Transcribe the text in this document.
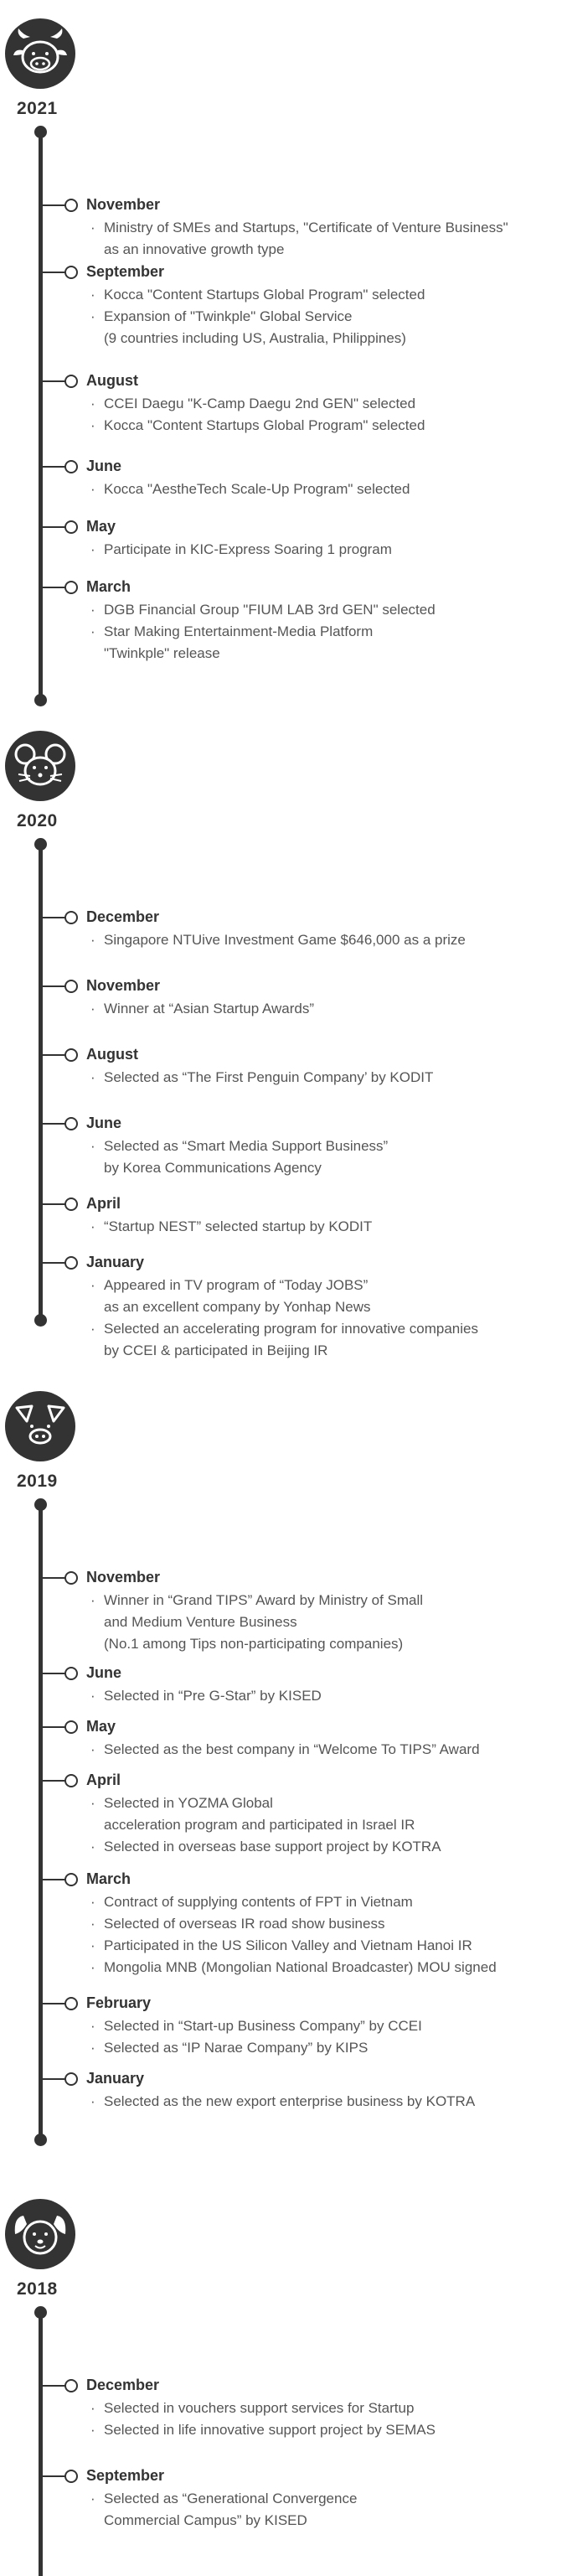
2021
November
· Ministry of SMEs and Startups, "Certificate of Venture Business"
as an innovative growth type
September
· Kocca "Content Startups Global Program" selected
· Expansion of "Twinkple" Global Service
(9 countries including US, Australia, Philippines)
August
· CCEI Daegu "K-Camp Daegu 2nd GEN" selected
· Kocca "Content Startups Global Program" selected
June
· Kocca "AestheTech Scale-Up Program" selected
May
· Participate in KIC-Express Soaring 1 program
March
· DGB Financial Group "FIUM LAB 3rd GEN" selected
· Star Making Entertainment-Media Platform
"Twinkple" release
2020
December
· Singapore NTUive Investment Game $646,000 as a prize
November
· Winner at “Asian Startup Awards”
August
· Selected as “The First Penguin Company’ by KODIT
June
· Selected as “Smart Media Support Business”
by Korea Communications Agency
April
· “Startup NEST” selected startup by KODIT
January
· Appeared in TV program of “Today JOBS”
as an excellent company by Yonhap News
· Selected an accelerating program for innovative companies
by CCEI & participated in Beijing IR
2019
November
· Winner in “Grand TIPS” Award by Ministry of Small
and Medium Venture Business
(No.1 among Tips non-participating companies)
June
· Selected in “Pre G-Star” by KISED
May
· Selected as the best company in “Welcome To TIPS” Award
April
· Selected in YOZMA Global
acceleration program and participated in Israel IR
· Selected in overseas base support project by KOTRA
March
· Contract of supplying contents of FPT in Vietnam
· Selected of overseas IR road show business
· Participated in the US Silicon Valley and Vietnam Hanoi IR
· Mongolia MNB (Mongolian National Broadcaster) MOU signed
February
· Selected in “Start-up Business Company” by CCEI
· Selected as “IP Narae Company” by KIPS
January
· Selected as the new export enterprise business by KOTRA
2018
December
· Selected in vouchers support services for Startup
· Selected in life innovative support project by SEMAS
September
· Selected as “Generational Convergence
Commercial Campus” by KISED
